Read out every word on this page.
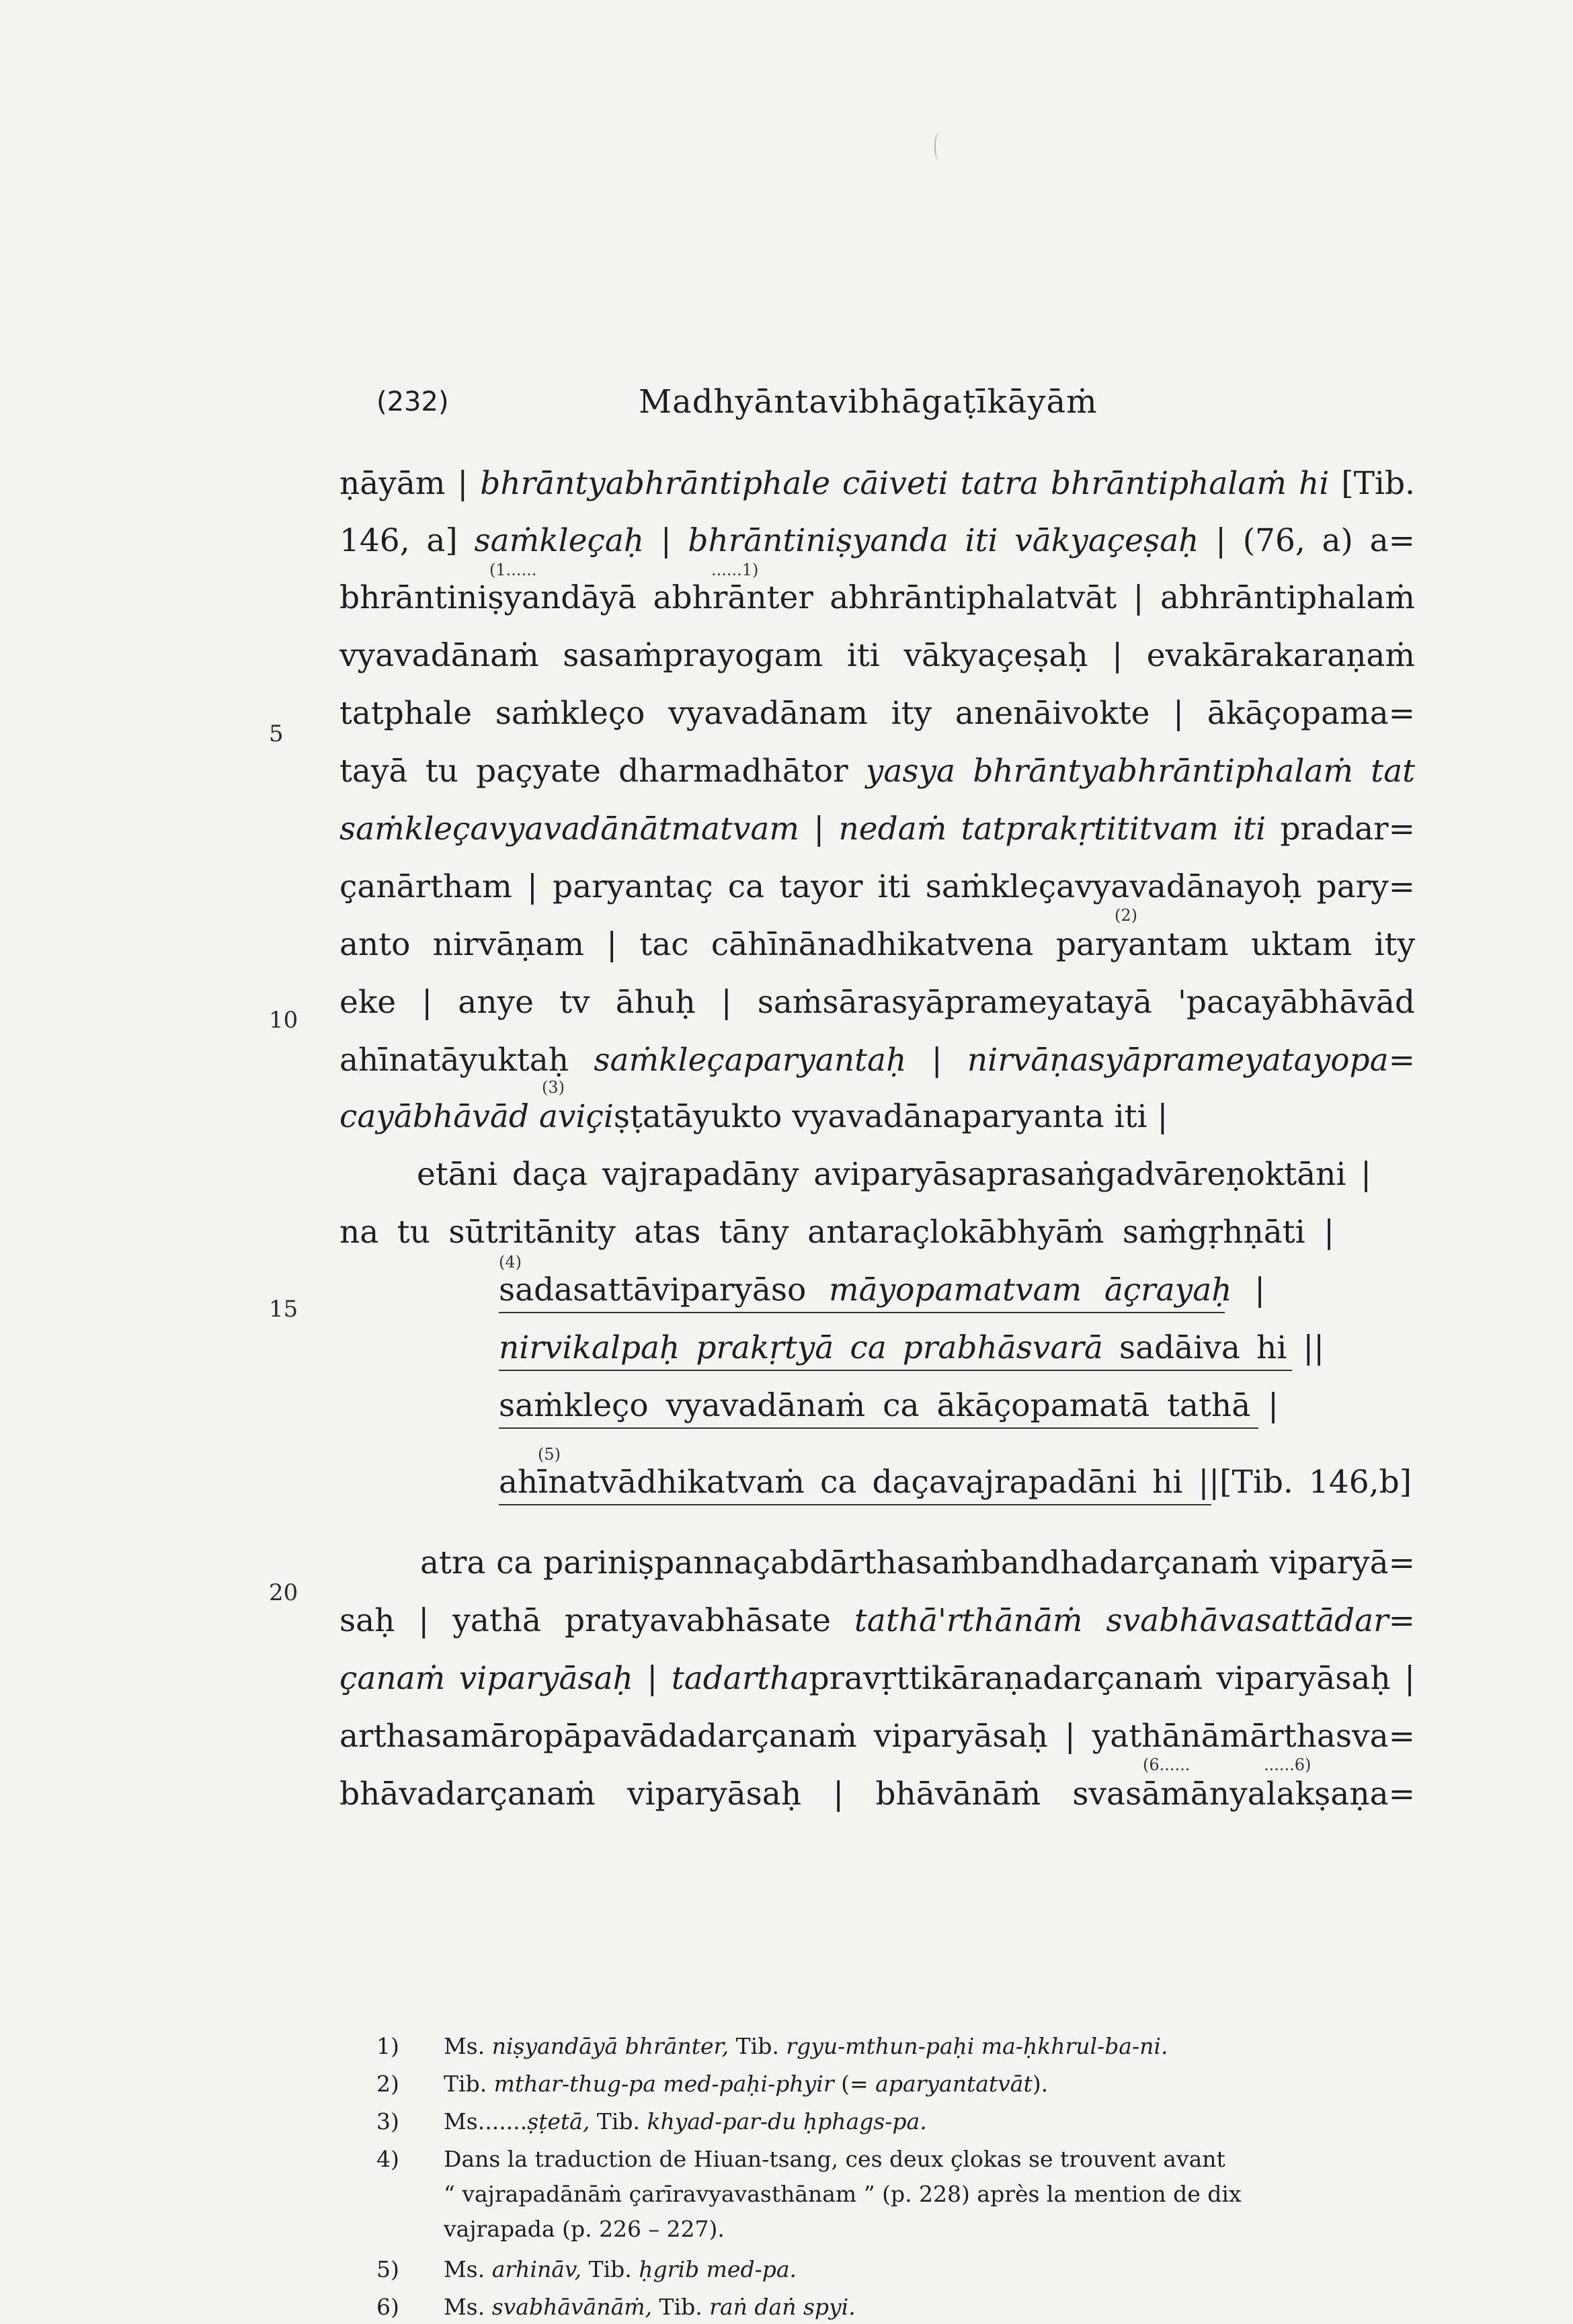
(232)	Madhyāntavibhāgaṭīkāyāṁ
5
10
15
20
ṇāyām | bhrāntyabhrāntiphale cāiveti tatra bhrāntiphalaṁ hi [Tib.
146, a] saṁkleçaḥ | bhrāntiniṣyanda iti vākyaçeṣaḥ | (76, a) a=
(1......	......1)
bhrāntiniṣyandāyā abhrānter abhrāntiphalatvāt | abhrāntiphalaṁ
vyavadānaṁ sasaṁprayogam iti vākyaçeṣaḥ | evakārakaraṇaṁ
tatphale saṁkleço vyavadānam ity anenāivokte | ākāçopama=
tayā tu paçyate dharmadhātor yasya bhrāntyabhrāntiphalaṁ tat
saṁkleçavyavadānātmatvam | nedaṁ tatprakṛtititvam iti pradar=
çanārtham | paryantaç ca tayor iti saṁkleçavyavadānayoḥ pary=
(2)
anto nirvāṇam | tac cāhīnānadhikatvena paryantam uktam ity
eke | anye tv āhuḥ | saṁsārasyāprameyatayā 'pacayābhāvād
ahīnatāyuktaḥ saṁkleçaparyantaḥ | nirvāṇasyāprameyatayopa=
(3)
cayābhāvād aviçiṣṭatāyukto vyavadānaparyanta iti |
etāni daça vajrapadāny aviparyāsaprasaṅgadvāreṇoktāni |
na tu sūtritānity atas tāny antaraçlokābhyāṁ saṁgṛhṇāti |
(4)
sadasattāviparyāso māyopamatvam āçrayaḥ |
nirvikalpaḥ prakṛtyā ca prabhāsvarā sadāiva hi ||
saṁkleço vyavadānaṁ ca ākāçopamatā tathā |
(5)
ahīnatvādhikatvaṁ ca daçavajrapadāni hi ||[Tib. 146,b]
atra ca pariniṣpannaçabdārthasaṁbandhadarçanaṁ viparyā=
saḥ | yathā pratyavabhāsate tathā'rthānāṁ svabhāvasattādar=
çanaṁ viparyāsaḥ | tadarthapravṛttikāraṇadarçanaṁ viparyāsaḥ |
arthasamāropāpavādadarçanaṁ viparyāsaḥ | yathānāmārthasva=
(6......	......6)
bhāvadarçanaṁ viparyāsaḥ | bhāvānāṁ svasāmānyalakṣaṇa=
1)	Ms. niṣyandāyā bhrānter, Tib. rgyu-mthun-paḥi ma-ḥkhrul-ba-ni.
2)	Tib. mthar-thug-pa med-paḥi-phyir (= aparyantatvāt).
3)	Ms.......ṣṭetā, Tib. khyad-par-du ḥphags-pa.
4)	Dans la traduction de Hiuan-tsang, ces deux çlokas se trouvent avant
“ vajrapadānāṁ çarīravyavasthānam ” (p. 228) après la mention de dix
vajrapada (p. 226 – 227).
5)	Ms. arhināv, Tib. ḥgrib med-pa.
6)	Ms. svabhāvānāṁ, Tib. raṅ daṅ spyi.
